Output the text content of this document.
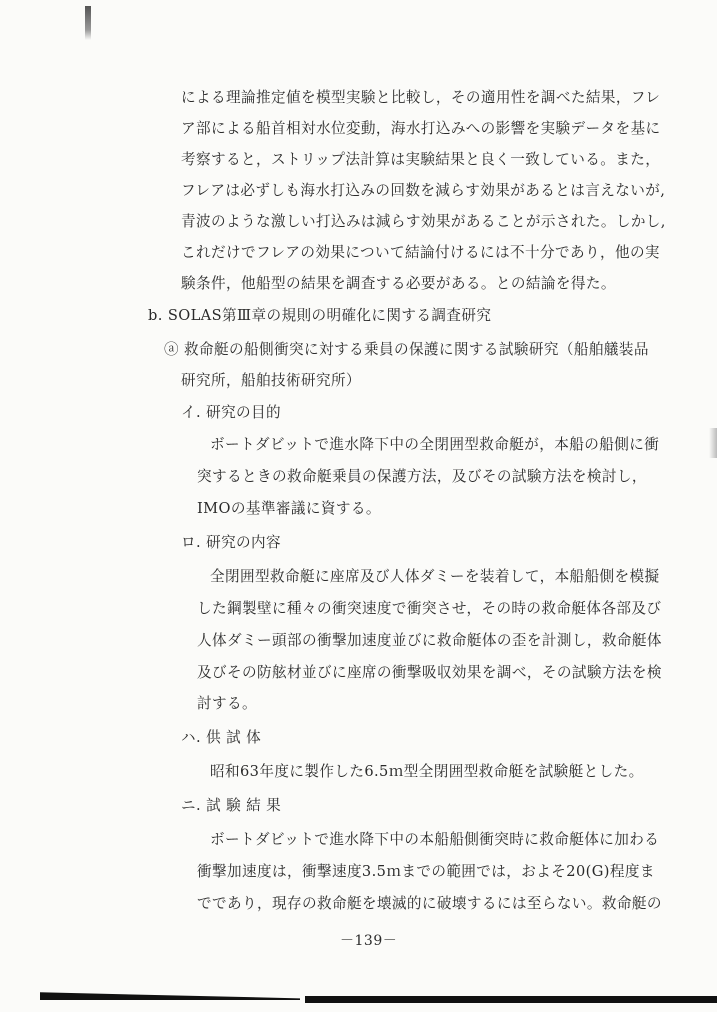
による理論推定値を模型実験と比較し，その適用性を調べた結果，フレ
ア部による船首相対水位変動，海水打込みへの影響を実験データを基に
考察すると，ストリップ法計算は実験結果と良く一致している。また，
フレアは必ずしも海水打込みの回数を減らす効果があるとは言えないが,
青波のような激しい打込みは減らす効果があることが示された。しかし,
これだけでフレアの効果について結論付けるには不十分であり，他の実
験条件，他船型の結果を調査する必要がある。との結論を得た。
b. SOLAS第Ⅲ章の規則の明確化に関する調査研究
ⓐ 救命艇の船側衝突に対する乗員の保護に関する試験研究（船舶艤装品
研究所，船舶技術研究所）
イ. 研究の目的
ボートダビットで進水降下中の全閉囲型救命艇が，本船の船側に衝
突するときの救命艇乗員の保護方法，及びその試験方法を検討し，
IMOの基準審議に資する。
ロ. 研究の内容
全閉囲型救命艇に座席及び人体ダミーを装着して，本船船側を模擬
した鋼製壁に種々の衝突速度で衝突させ，その時の救命艇体各部及び
人体ダミー頭部の衝撃加速度並びに救命艇体の歪を計測し，救命艇体
及びその防舷材並びに座席の衝撃吸収効果を調べ，その試験方法を検
討する。
ハ. 供 試 体
昭和63年度に製作した6.5ｍ型全閉囲型救命艇を試験艇とした。
ニ. 試 験 結 果
ボートダビットで進水降下中の本船船側衝突時に救命艇体に加わる
衝撃加速度は，衝撃速度3.5ｍまでの範囲では，およそ20(G)程度ま
でであり，現存の救命艇を壊滅的に破壊するには至らない。救命艇の
－139－
